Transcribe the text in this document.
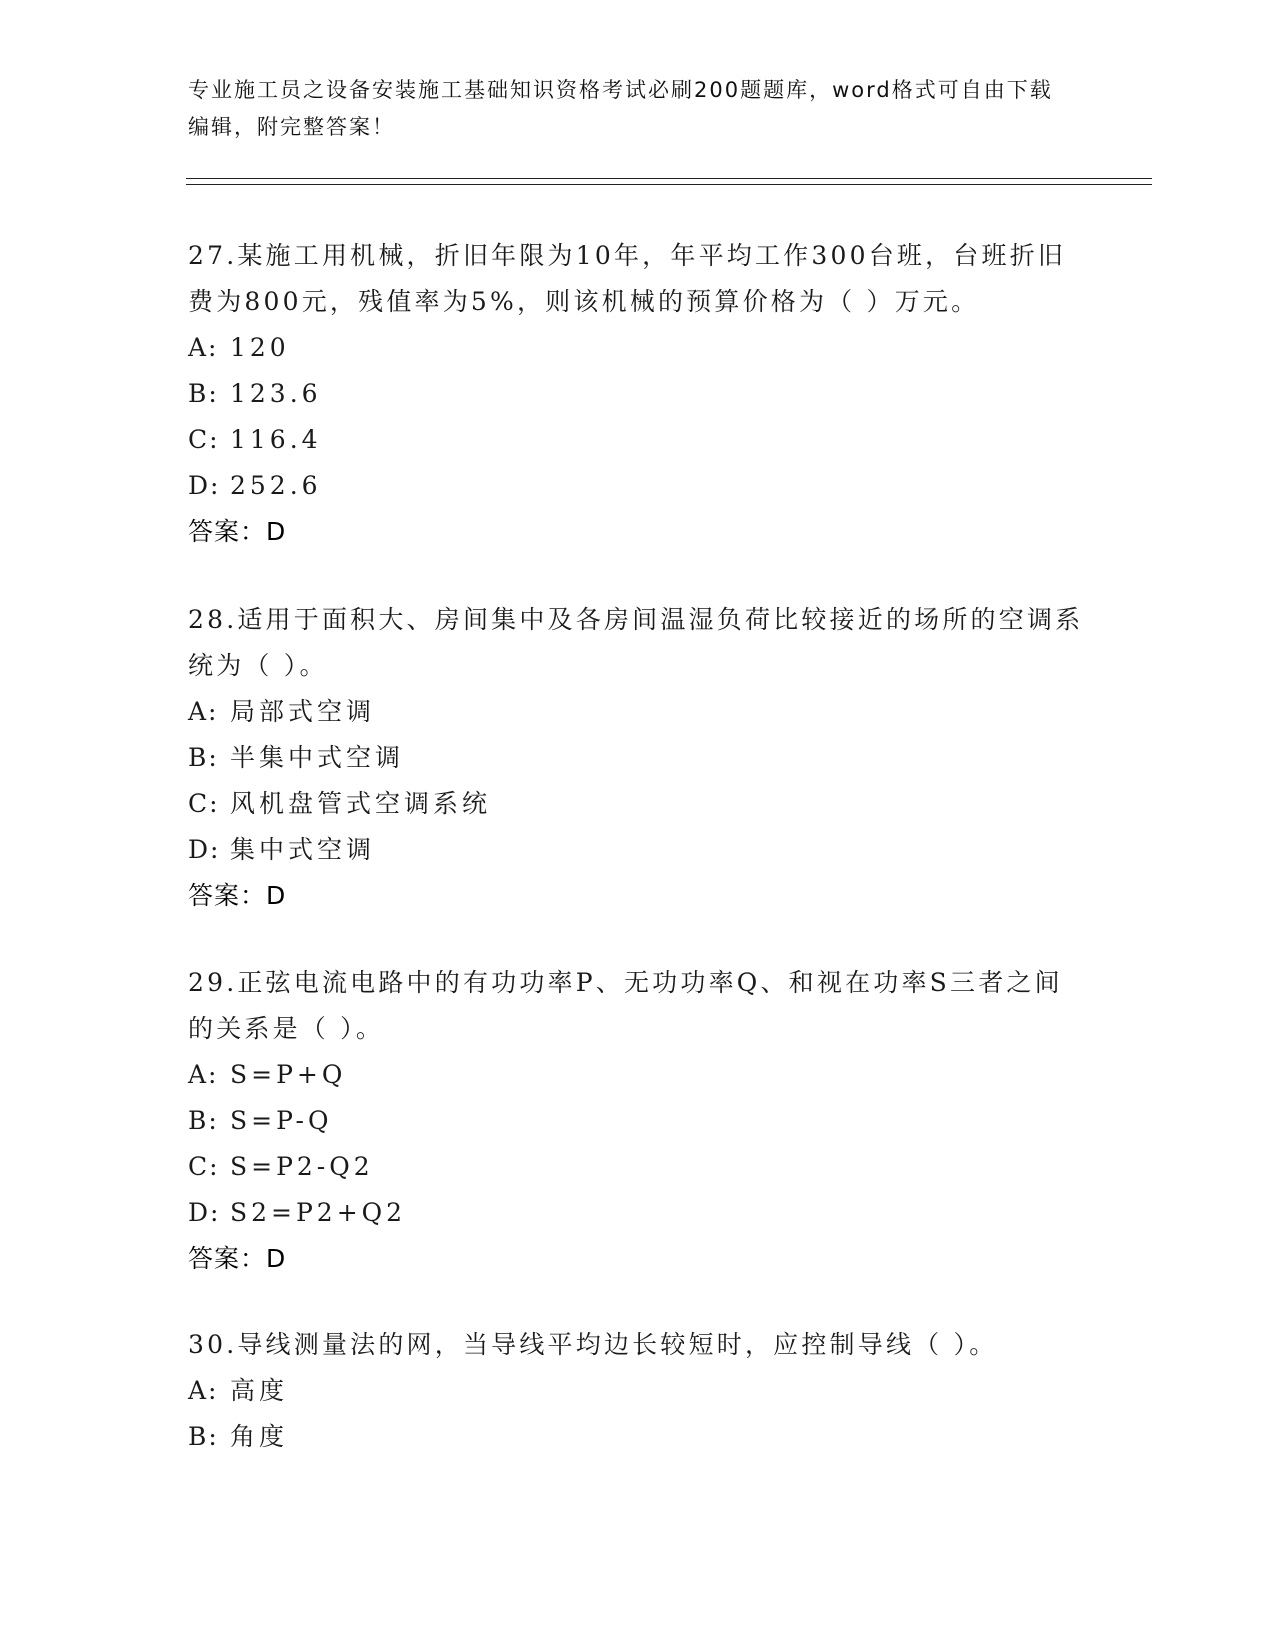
专业施工员之设备安装施工基础知识资格考试必刷200题题库，word格式可自由下载编辑，附完整答案！

27.某施工用机械，折旧年限为10年，年平均工作300台班，台班折旧费为800元，残值率为5%，则该机械的预算价格为（ ）万元。

A: 120
B: 123.6
C: 116.4
D: 252.6
答案：D

28.适用于面积大、房间集中及各房间温湿负荷比较接近的场所的空调系统为（ ）。

A: 局部式空调
B: 半集中式空调
C: 风机盘管式空调系统
D: 集中式空调
答案：D

29.正弦电流电路中的有功功率P、无功功率Q、和视在功率S三者之间的关系是（ ）。

A: S=P+Q
B: S=P-Q
C: S=P2-Q2
D: S2=P2+Q2
答案：D

30.导线测量法的网，当导线平均边长较短时，应控制导线（ ）。

A: 高度
B: 角度
